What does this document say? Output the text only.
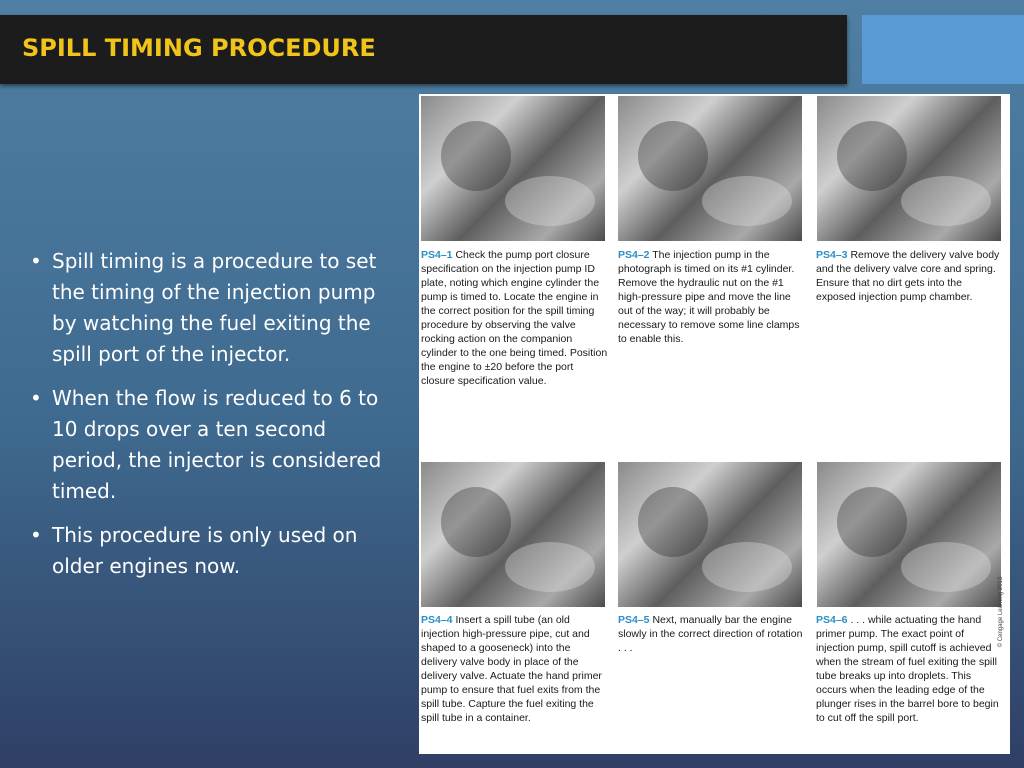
SPILL TIMING PROCEDURE
• Spill timing is a procedure to set the timing of the injection pump by watching the fuel exiting the spill port of the injector.
• When the flow is reduced to 6 to 10 drops over a ten second period, the injector is considered timed.
• This procedure is only used on older engines now.
PS4–1 Check the pump port closure specification on the injection pump ID plate, noting which engine cylinder the pump is timed to. Locate the engine in the correct position for the spill timing procedure by observing the valve rocking action on the companion cylinder to the one being timed. Position the engine to ±20 before the port closure specification value.
PS4–2 The injection pump in the photograph is timed on its #1 cylinder. Remove the hydraulic nut on the #1 high-pressure pipe and move the line out of the way; it will probably be necessary to remove some line clamps to enable this.
PS4–3 Remove the delivery valve body and the delivery valve core and spring. Ensure that no dirt gets into the exposed injection pump chamber.
PS4–4 Insert a spill tube (an old injection high-pressure pipe, cut and shaped to a gooseneck) into the delivery valve body in place of the delivery valve. Actuate the hand primer pump to ensure that fuel exits from the spill tube. Capture the fuel exiting the spill tube in a container.
PS4–5 Next, manually bar the engine slowly in the correct direction of rotation . . .
PS4–6 . . . while actuating the hand primer pump. The exact point of injection pump, spill cutoff is achieved when the stream of fuel exiting the spill tube breaks up into droplets. This occurs when the leading edge of the plunger rises in the barrel bore to begin to cut off the spill port.
© Cengage Learning 2013
